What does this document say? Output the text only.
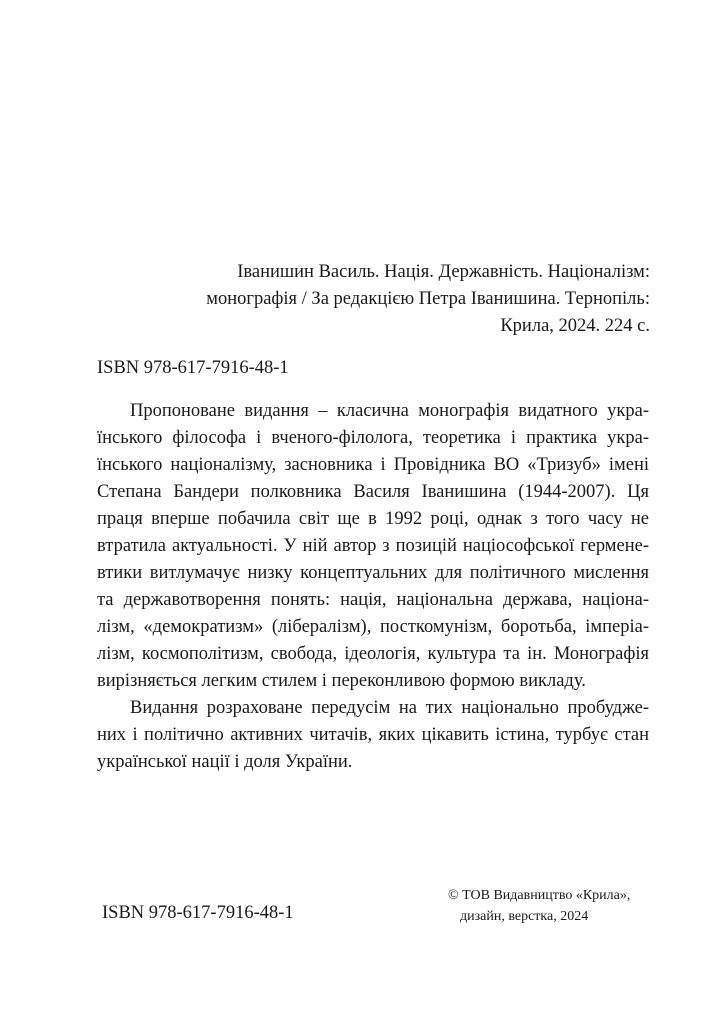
Іванишин Василь. Нація. Державність. Націоналізм:
монографія / За редакцією Петра Іванишина. Тернопіль:
Крила, 2024. 224 с.
ISBN 978-617-7916-48-1
Пропоноване видання – класична монографія видатного укра-
їнського філософа і вченого-філолога, теоретика і практика укра-
їнського націоналізму, засновника і Провідника ВО «Тризуб» імені
Степана Бандери полковника Василя Іванишина (1944-2007). Ця
праця вперше побачила світ ще в 1992 році, однак з того часу не
втратила актуальності. У ній автор з позицій націософської герменe-
втики витлумачує низку концептуальних для політичного мислення
та державотворення понять: нація, національна держава, націона-
лізм, «демократизм» (лібералізм), посткомунізм, боротьба, імперіа-
лізм, космополітизм, свобода, ідеологія, культура та ін. Монографія
вирізняється легким стилем і переконливою формою викладу.
Видання розраховане передусім на тих національно пробудже-
них і політично активних читачів, яких цікавить істина, турбує стан
української нації і доля України.
ISBN 978-617-7916-48-1
© ТОВ Видавництво «Крила»,
дизайн, верстка, 2024
